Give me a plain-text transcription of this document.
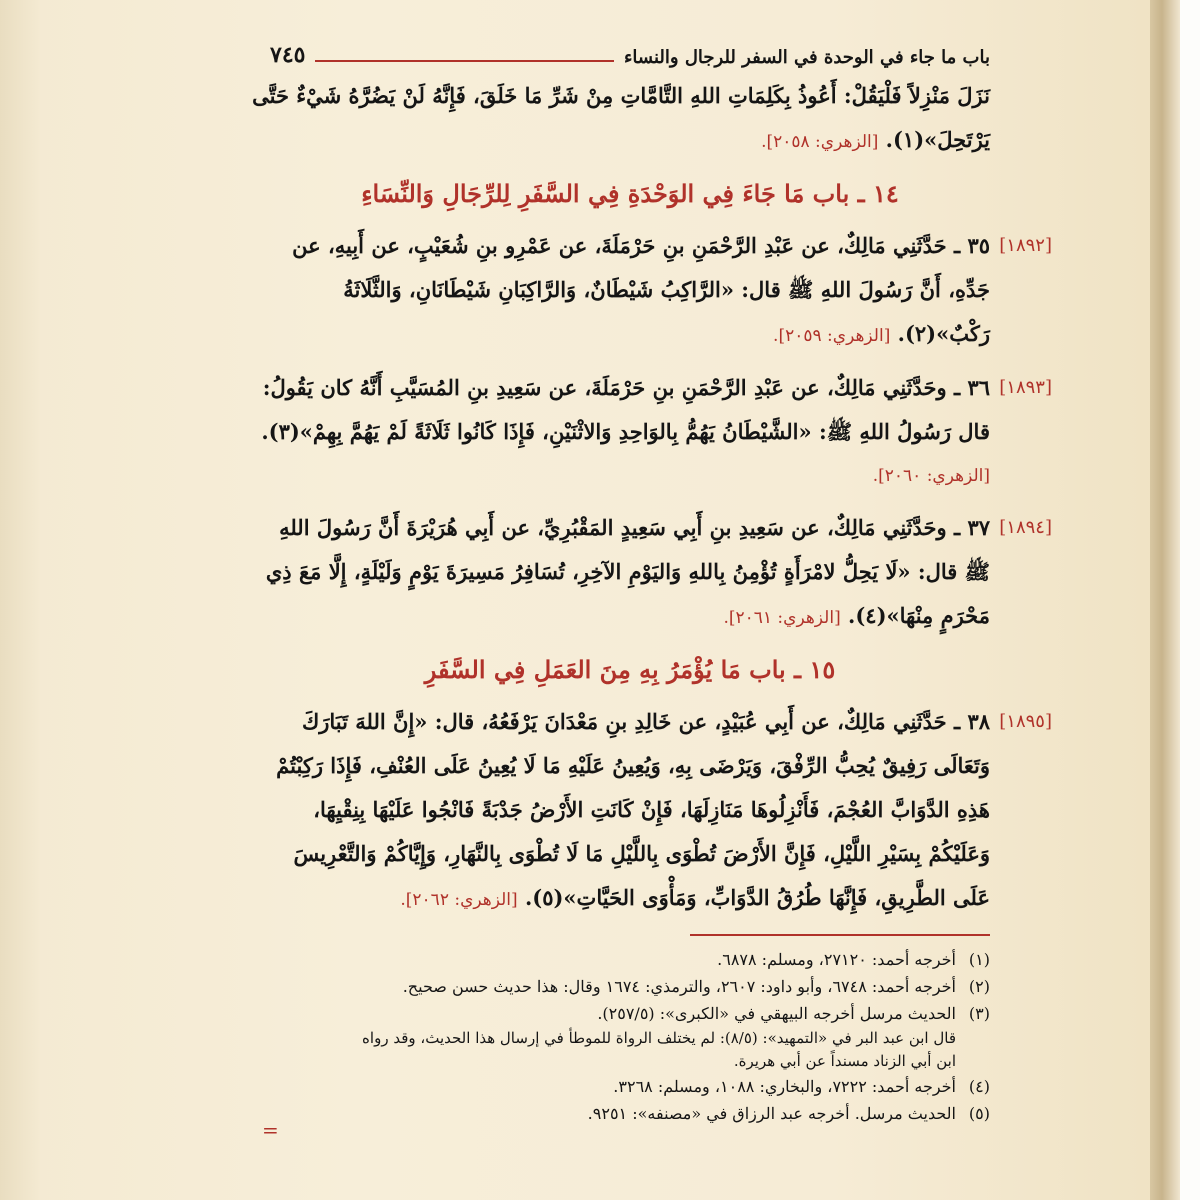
باب ما جاء في الوحدة في السفر للرجال والنساء
٧٤٥
نَزَلَ مَنْزِلاً فَلْيَقُلْ: أَعُوذُ بِكَلِمَاتِ اللهِ التَّامَّاتِ مِنْ شَرِّ مَا خَلَقَ، فَإِنَّهُ لَنْ يَضُرَّهُ شَيْءٌ حَتَّى
يَرْتَحِلَ»(١). [الزهري: ٢٠٥٨].
١٤ ـ باب مَا جَاءَ فِي الوَحْدَةِ فِي السَّفَرِ لِلرِّجَالِ وَالنِّسَاءِ
[١٨٩٢]
٣٥ ـ حَدَّثَنِي مَالِكٌ، عن عَبْدِ الرَّحْمَنِ بنِ حَرْمَلَةَ، عن عَمْرِو بنِ شُعَيْبٍ، عن أَبِيهِ، عن
جَدِّهِ، أَنَّ رَسُولَ اللهِ ﷺ قال: «الرَّاكِبُ شَيْطَانٌ، وَالرَّاكِبَانِ شَيْطَانَانِ، وَالثَّلَاثَةُ
رَكْبٌ»(٢). [الزهري: ٢٠٥٩].
[١٨٩٣]
٣٦ ـ وحَدَّثَنِي مَالِكٌ، عن عَبْدِ الرَّحْمَنِ بنِ حَرْمَلَةَ، عن سَعِيدِ بنِ المُسَيَّبِ أَنَّهُ كان يَقُولُ:
قال رَسُولُ اللهِ ﷺ: «الشَّيْطَانُ يَهُمُّ بِالوَاحِدِ وَالاثْنَيْنِ، فَإِذَا كَانُوا ثَلَاثَةً لَمْ يَهُمَّ بِهِمْ»(٣).
[الزهري: ٢٠٦٠].
[١٨٩٤]
٣٧ ـ وحَدَّثَنِي مَالِكٌ، عن سَعِيدِ بنِ أَبِي سَعِيدٍ المَقْبُرِيِّ، عن أَبِي هُرَيْرَةَ أَنَّ رَسُولَ اللهِ
ﷺ قال: «لَا يَحِلُّ لامْرَأَةٍ تُؤْمِنُ بِاللهِ وَاليَوْمِ الآخِرِ، تُسَافِرُ مَسِيرَةَ يَوْمٍ وَلَيْلَةٍ، إِلَّا مَعَ ذِي
مَحْرَمٍ مِنْهَا»(٤). [الزهري: ٢٠٦١].
١٥ ـ باب مَا يُؤْمَرُ بِهِ مِنَ العَمَلِ فِي السَّفَرِ
[١٨٩٥]
٣٨ ـ حَدَّثَنِي مَالِكٌ، عن أَبِي عُبَيْدٍ، عن خَالِدِ بنِ مَعْدَانَ يَرْفَعُهُ، قال: «إِنَّ اللهَ تَبَارَكَ
وَتَعَالَى رَفِيقٌ يُحِبُّ الرِّفْقَ، وَيَرْضَى بِهِ، وَيُعِينُ عَلَيْهِ مَا لَا يُعِينُ عَلَى العُنْفِ، فَإِذَا رَكِبْتُمْ
هَذِهِ الدَّوَابَّ العُجْمَ، فَأَنْزِلُوهَا مَنَازِلَهَا، فَإِنْ كَانَتِ الأَرْضُ جَدْبَةً فَانْجُوا عَلَيْهَا بِنِقْيِهَا،
وَعَلَيْكُمْ بِسَيْرِ اللَّيْلِ، فَإِنَّ الأَرْضَ تُطْوَى بِاللَّيْلِ مَا لَا تُطْوَى بِالنَّهَارِ، وَإِيَّاكُمْ وَالتَّعْرِيسَ
عَلَى الطَّرِيقِ، فَإِنَّهَا طُرُقُ الدَّوَابِّ، وَمَأْوَى الحَيَّاتِ»(٥). [الزهري: ٢٠٦٢].
(١)
أخرجه أحمد: ٢٧١٢٠، ومسلم: ٦٨٧٨.
(٢)
أخرجه أحمد: ٦٧٤٨، وأبو داود: ٢٦٠٧، والترمذي: ١٦٧٤ وقال: هذا حديث حسن صحيح.
(٣)
الحديث مرسل أخرجه البيهقي في «الكبرى»: (٢٥٧/٥).
قال ابن عبد البر في «التمهيد»: (٨/٥): لم يختلف الرواة للموطأ في إرسال هذا الحديث، وقد رواه
ابن أبي الزناد مسنداً عن أبي هريرة.
(٤)
أخرجه أحمد: ٧٢٢٢، والبخاري: ١٠٨٨، ومسلم: ٣٢٦٨.
(٥)
الحديث مرسل. أخرجه عبد الرزاق في «مصنفه»: ٩٢٥١.
=
